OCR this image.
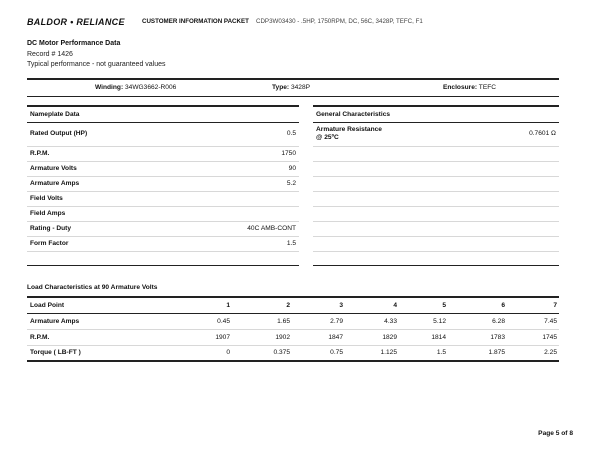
BALDOR • RELIANCE	CUSTOMER INFORMATION PACKET CDP3W03430 - .5HP, 1750RPM, DC, 56C, 3428P, TEFC, F1
DC Motor Performance Data
Record # 1426
Typical performance - not guaranteed values
Winding: 34WG3662-R006	Type: 3428P	Enclosure: TEFC
Nameplate Data
Rated Output (HP)	0.5
R.P.M.	1750
Armature Volts	90
Armature Amps	5.2
Field Volts
Field Amps
Rating - Duty	40C AMB-CONT
Form Factor	1.5
General Characteristics
Armature Resistance
@ 25ºC
0.7601 Ω
Load Characteristics at 90 Armature Volts
Load Point	1	2	3	4	5	6	7
Armature Amps	0.45	1.65	2.79	4.33	5.12	6.28	7.45
R.P.M.	1907	1902	1847	1829	1814	1783	1745
Torque ( LB-FT )	0	0.375	0.75	1.125	1.5	1.875	2.25
Page 5 of 8
